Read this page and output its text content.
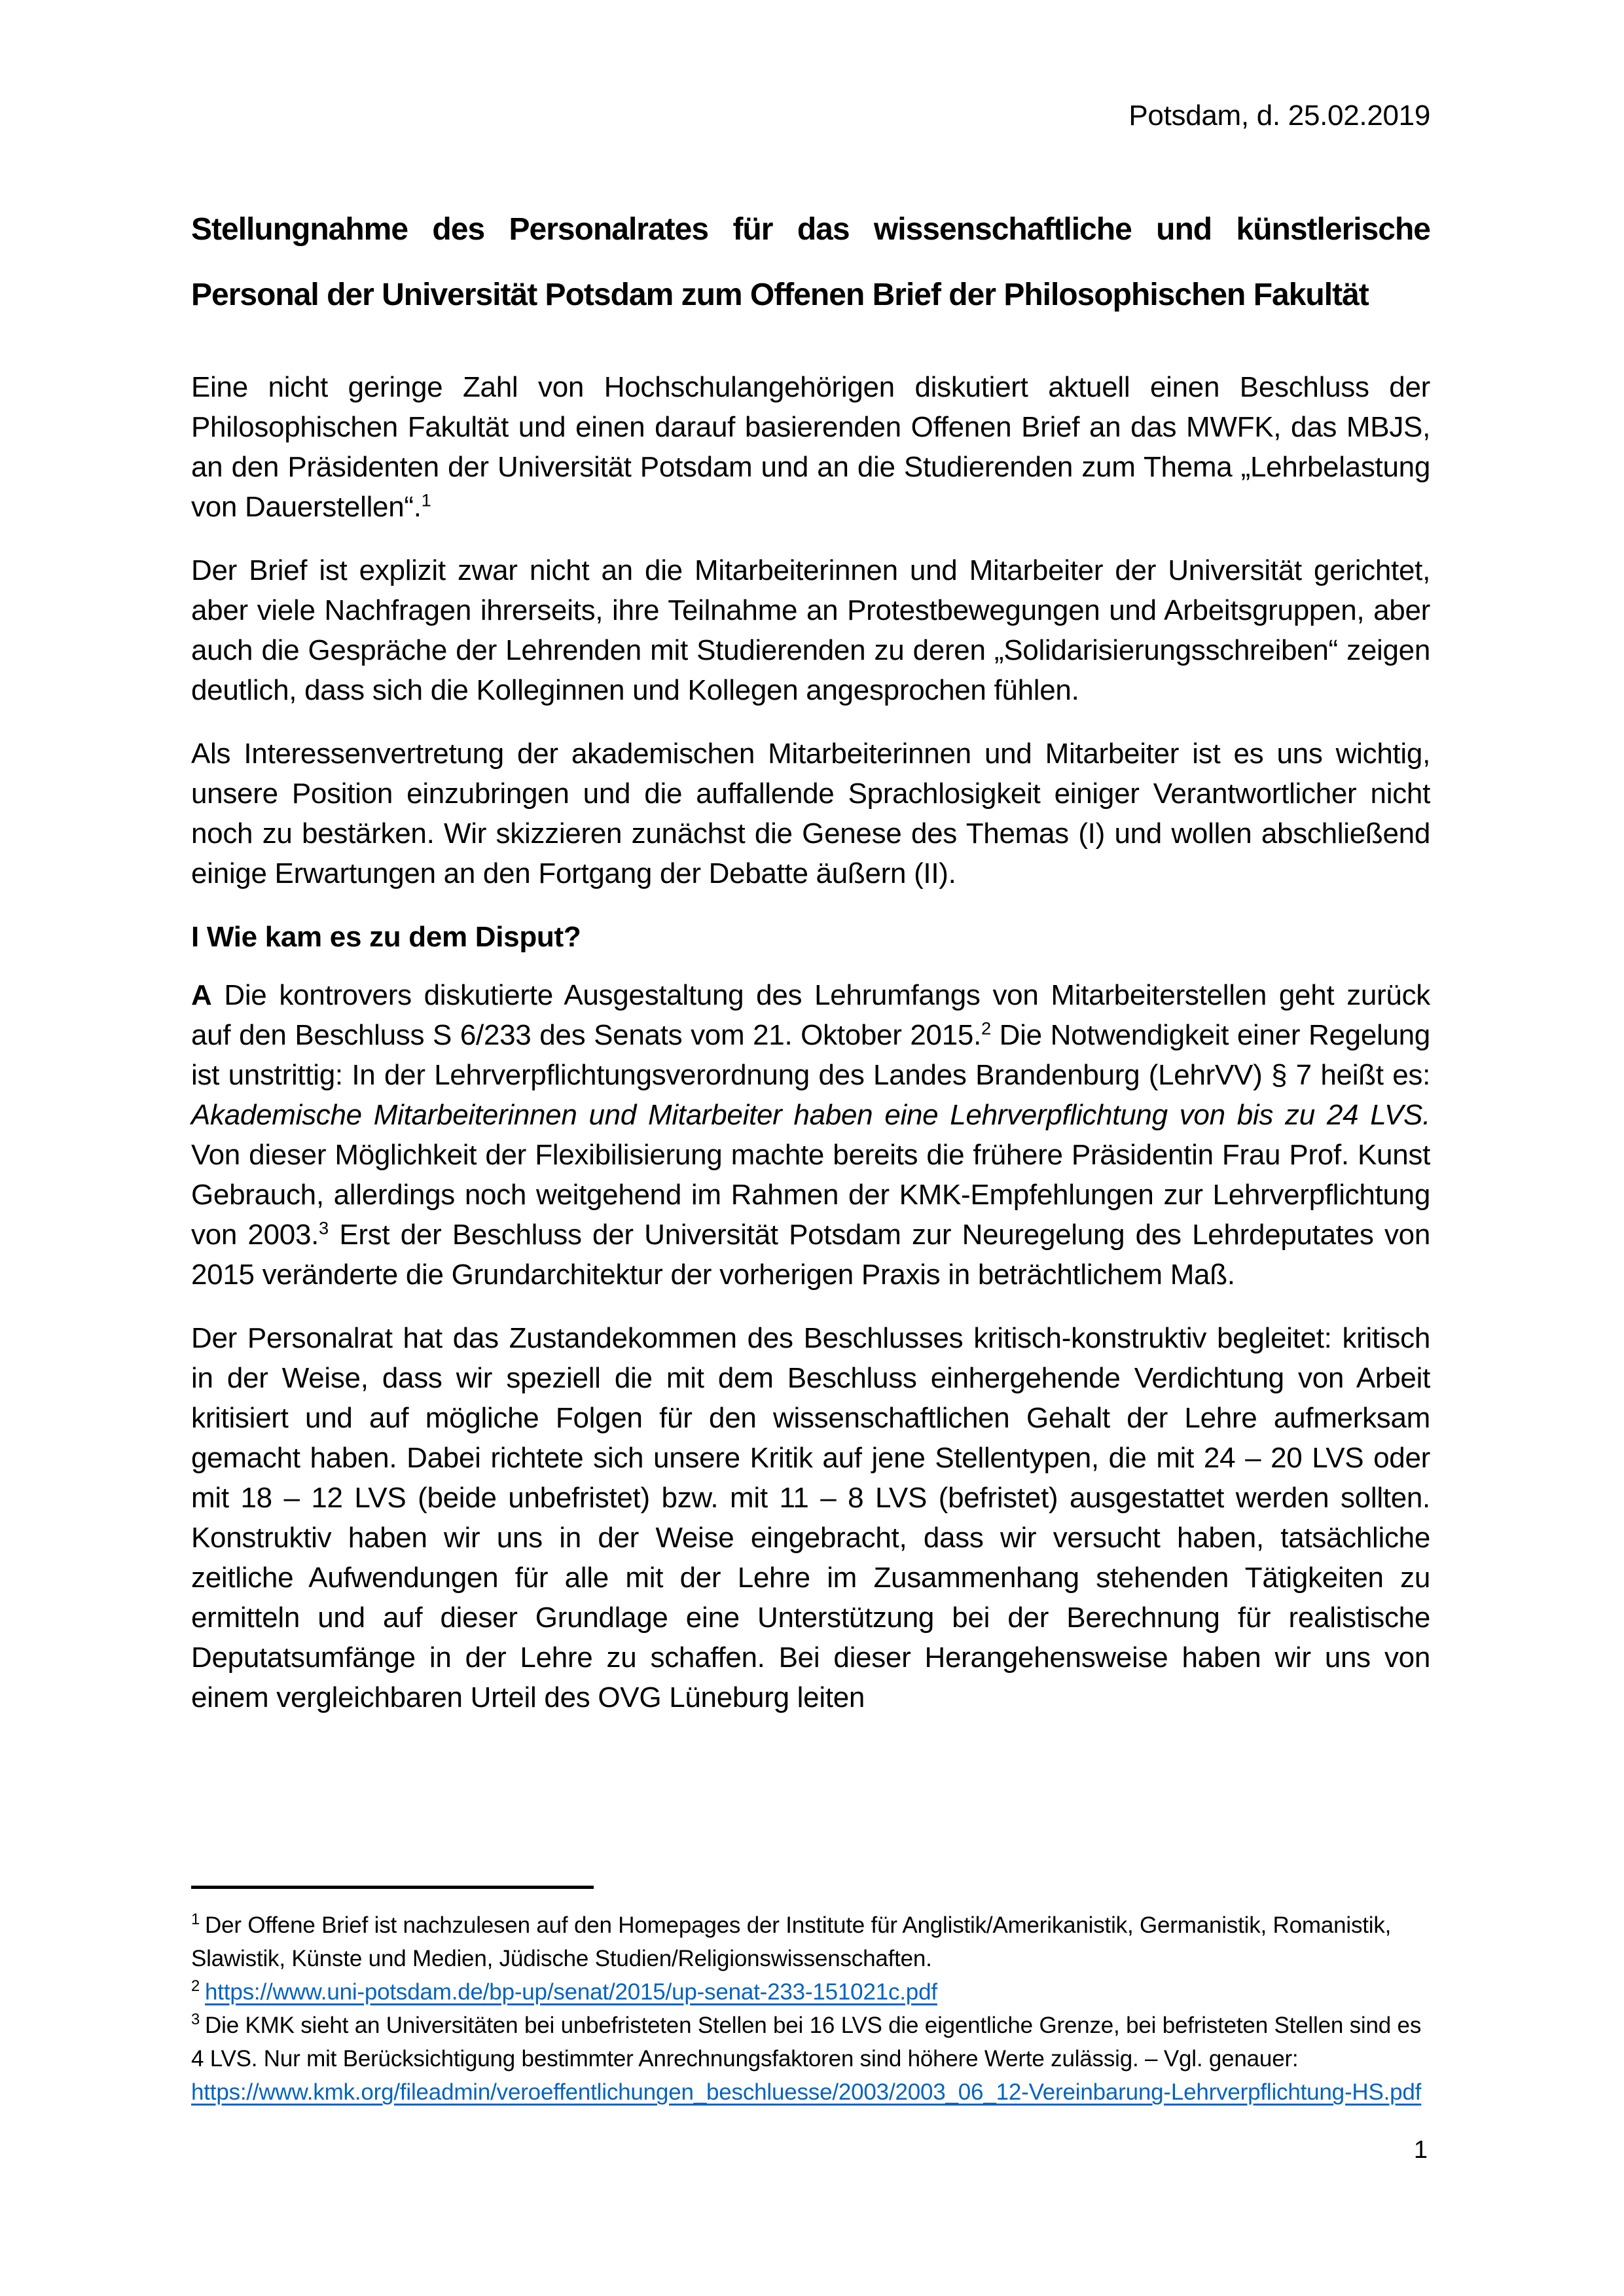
Potsdam, d. 25.02.2019
Stellungnahme des Personalrates für das wissenschaftliche und künstlerische Personal der Universität Potsdam zum Offenen Brief der Philosophischen Fakultät
Eine nicht geringe Zahl von Hochschulangehörigen diskutiert aktuell einen Beschluss der Philosophischen Fakultät und einen darauf basierenden Offenen Brief an das MWFK, das MBJS, an den Präsidenten der Universität Potsdam und an die Studierenden zum Thema „Lehrbelastung von Dauerstellen“.$^1$
Der Brief ist explizit zwar nicht an die Mitarbeiterinnen und Mitarbeiter der Universität gerichtet, aber viele Nachfragen ihrerseits, ihre Teilnahme an Protestbewegungen und Arbeitsgruppen, aber auch die Gespräche der Lehrenden mit Studierenden zu deren „Solidarisierungsschreiben“ zeigen deutlich, dass sich die Kolleginnen und Kollegen angesprochen fühlen.
Als Interessenvertretung der akademischen Mitarbeiterinnen und Mitarbeiter ist es uns wichtig, unsere Position einzubringen und die auffallende Sprachlosigkeit einiger Verantwortlicher nicht noch zu bestärken. Wir skizzieren zunächst die Genese des Themas (I) und wollen abschließend einige Erwartungen an den Fortgang der Debatte äußern (II).
I Wie kam es zu dem Disput?
A Die kontrovers diskutierte Ausgestaltung des Lehrumfangs von Mitarbeiterstellen geht zurück auf den Beschluss S 6/233 des Senats vom 21. Oktober 2015.$^2$ Die Notwendigkeit einer Regelung ist unstrittig: In der Lehrverpflichtungsverordnung des Landes Brandenburg (LehrVV) § 7 heißt es: Akademische Mitarbeiterinnen und Mitarbeiter haben eine Lehrverpflichtung von bis zu 24 LVS. Von dieser Möglichkeit der Flexibilisierung machte bereits die frühere Präsidentin Frau Prof. Kunst Gebrauch, allerdings noch weitgehend im Rahmen der KMK-Empfehlungen zur Lehrverpflichtung von 2003.$^3$ Erst der Beschluss der Universität Potsdam zur Neuregelung des Lehrdeputates von 2015 veränderte die Grundarchitektur der vorherigen Praxis in beträchtlichem Maß.
Der Personalrat hat das Zustandekommen des Beschlusses kritisch-konstruktiv begleitet: kritisch in der Weise, dass wir speziell die mit dem Beschluss einhergehende Verdichtung von Arbeit kritisiert und auf mögliche Folgen für den wissenschaftlichen Gehalt der Lehre aufmerksam gemacht haben. Dabei richtete sich unsere Kritik auf jene Stellentypen, die mit 24 – 20 LVS oder mit 18 – 12 LVS (beide unbefristet) bzw. mit 11 – 8 LVS (befristet) ausgestattet werden sollten. Konstruktiv haben wir uns in der Weise eingebracht, dass wir versucht haben, tatsächliche zeitliche Aufwendungen für alle mit der Lehre im Zusammenhang stehenden Tätigkeiten zu ermitteln und auf dieser Grundlage eine Unterstützung bei der Berechnung für realistische Deputatsumfänge in der Lehre zu schaffen. Bei dieser Herangehensweise haben wir uns von einem vergleichbaren Urteil des OVG Lüneburg leiten
$^1$ Der Offene Brief ist nachzulesen auf den Homepages der Institute für Anglistik/Amerikanistik, Germanistik, Romanistik, Slawistik, Künste und Medien, Jüdische Studien/Religionswissenschaften.
$^2$ https://www.uni-potsdam.de/bp-up/senat/2015/up-senat-233-151021c.pdf
$^3$ Die KMK sieht an Universitäten bei unbefristeten Stellen bei 16 LVS die eigentliche Grenze, bei befristeten Stellen sind es 4 LVS. Nur mit Berücksichtigung bestimmter Anrechnungsfaktoren sind höhere Werte zulässig. – Vgl. genauer: https://www.kmk.org/fileadmin/veroeffentlichungen_beschluesse/2003/2003_06_12-Vereinbarung-Lehrverpflichtung-HS.pdf
1
